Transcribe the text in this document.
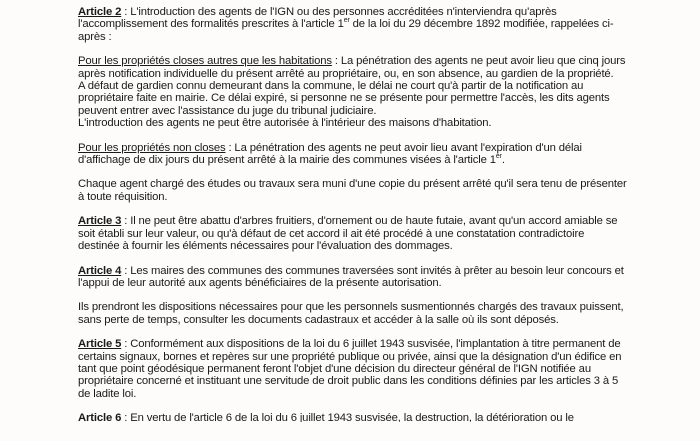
Article 2 : L'introduction des agents de l'IGN ou des personnes accréditées n'interviendra qu'après
l'accomplissement des formalités prescrites à l'article 1er de la loi du 29 décembre 1892 modifiée, rappelées ci-
après :

Pour les propriétés closes autres que les habitations : La pénétration des agents ne peut avoir lieu que cinq jours
après notification individuelle du présent arrêté au propriétaire, ou, en son absence, au gardien de la propriété.
A défaut de gardien connu demeurant dans la commune, le délai ne court qu'à partir de la notification au
propriétaire faite en mairie. Ce délai expiré, si personne ne se présente pour permettre l'accès, les dits agents
peuvent entrer avec l'assistance du juge du tribunal judiciaire.
L'introduction des agents ne peut être autorisée à l'intérieur des maisons d'habitation.

Pour les propriétés non closes : La pénétration des agents ne peut avoir lieu avant l'expiration d'un délai
d'affichage de dix jours du présent arrêté à la mairie des communes visées à l'article 1er.

Chaque agent chargé des études ou travaux sera muni d'une copie du présent arrêté qu'il sera tenu de présenter
à toute réquisition.

Article 3 : Il ne peut être abattu d'arbres fruitiers, d'ornement ou de haute futaie, avant qu'un accord amiable se
soit établi sur leur valeur, ou qu'à défaut de cet accord il ait été procédé à une constatation contradictoire
destinée à fournir les éléments nécessaires pour l'évaluation des dommages.

Article 4 : Les maires des communes des communes traversées sont invités à prêter au besoin leur concours et
l'appui de leur autorité aux agents bénéficiaires de la présente autorisation.

Ils prendront les dispositions nécessaires pour que les personnels susmentionnés chargés des travaux puissent,
sans perte de temps, consulter les documents cadastraux et accéder à la salle où ils sont déposés.

Article 5 : Conformément aux dispositions de la loi du 6 juillet 1943 susvisée, l'implantation à titre permanent de
certains signaux, bornes et repères sur une propriété publique ou privée, ainsi que la désignation d'un édifice en
tant que point géodésique permanent feront l'objet d'une décision du directeur général de l'IGN notifiée au
propriétaire concerné et instituant une servitude de droit public dans les conditions définies par les articles 3 à 5
de ladite loi.

Article 6 : En vertu de l'article 6 de la loi du 6 juillet 1943 susvisée, la destruction, la détérioration ou le
